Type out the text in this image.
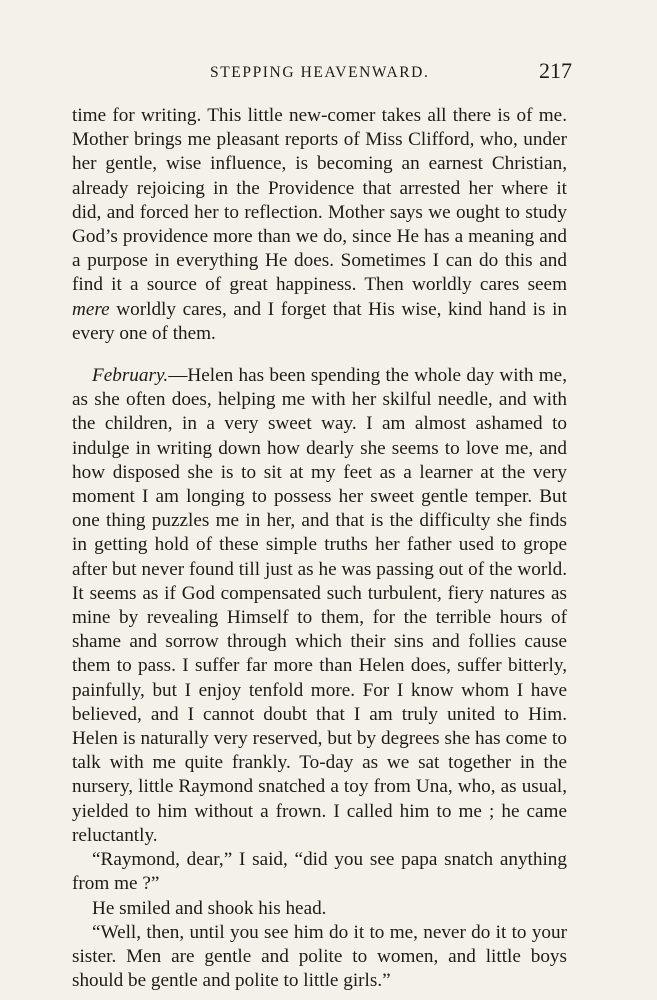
STEPPING HEAVENWARD.	217

time for writing. This little new-comer takes all there is of me. Mother brings me pleasant reports of Miss Clifford, who, under her gentle, wise influence, is becoming an earnest Christian, already rejoicing in the Providence that arrested her where it did, and forced her to reflection. Mother says we ought to study God’s providence more than we do, since He has a meaning and a purpose in everything He does. Sometimes I can do this and find it a source of great happiness. Then worldly cares seem mere worldly cares, and I forget that His wise, kind hand is in every one of them.

February.—Helen has been spending the whole day with me, as she often does, helping me with her skilful needle, and with the children, in a very sweet way. I am almost ashamed to indulge in writing down how dearly she seems to love me, and how disposed she is to sit at my feet as a learner at the very moment I am longing to possess her sweet gentle temper. But one thing puzzles me in her, and that is the difficulty she finds in getting hold of these simple truths her father used to grope after but never found till just as he was passing out of the world. It seems as if God compensated such turbulent, fiery natures as mine by revealing Himself to them, for the terrible hours of shame and sorrow through which their sins and follies cause them to pass. I suffer far more than Helen does, suffer bitterly, painfully, but I enjoy tenfold more. For I know whom I have believed, and I cannot doubt that I am truly united to Him. Helen is naturally very reserved, but by degrees she has come to talk with me quite frankly. To-day as we sat together in the nursery, little Raymond snatched a toy from Una, who, as usual, yielded to him without a frown. I called him to me ; he came reluctantly.

“Raymond, dear,” I said, “did you see papa snatch anything from me ?”

He smiled and shook his head.

“Well, then, until you see him do it to me, never do it to your sister. Men are gentle and polite to women, and little boys should be gentle and polite to little girls.”
